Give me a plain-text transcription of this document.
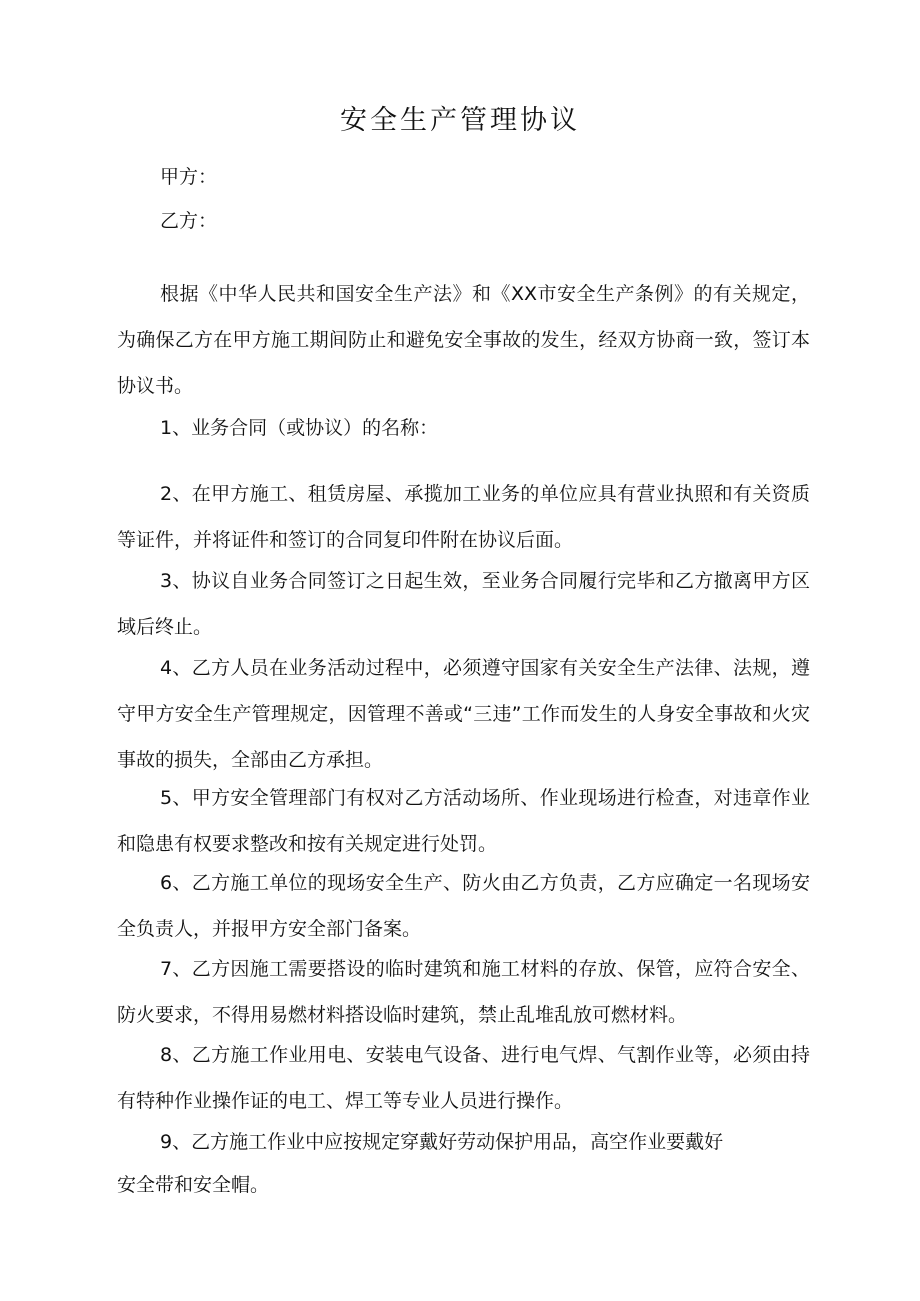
安全生产管理协议

甲方：

乙方：

根据《中华人民共和国安全生产法》和《XX市安全生产条例》的有关规定，为确保乙方在甲方施工期间防止和避免安全事故的发生，经双方协商一致，签订本协议书。

1、业务合同（或协议）的名称：

2、在甲方施工、租赁房屋、承揽加工业务的单位应具有营业执照和有关资质等证件，并将证件和签订的合同复印件附在协议后面。

3、协议自业务合同签订之日起生效，至业务合同履行完毕和乙方撤离甲方区域后终止。

4、乙方人员在业务活动过程中，必须遵守国家有关安全生产法律、法规，遵守甲方安全生产管理规定，因管理不善或“三违”工作而发生的人身安全事故和火灾事故的损失，全部由乙方承担。

5、甲方安全管理部门有权对乙方活动场所、作业现场进行检查，对违章作业和隐患有权要求整改和按有关规定进行处罚。

6、乙方施工单位的现场安全生产、防火由乙方负责，乙方应确定一名现场安全负责人，并报甲方安全部门备案。

7、乙方因施工需要搭设的临时建筑和施工材料的存放、保管，应符合安全、防火要求，不得用易燃材料搭设临时建筑，禁止乱堆乱放可燃材料。

8、乙方施工作业用电、安装电气设备、进行电气焊、气割作业等，必须由持有特种作业操作证的电工、焊工等专业人员进行操作。

9、乙方施工作业中应按规定穿戴好劳动保护用品，高空作业要戴好

安全带和安全帽。
